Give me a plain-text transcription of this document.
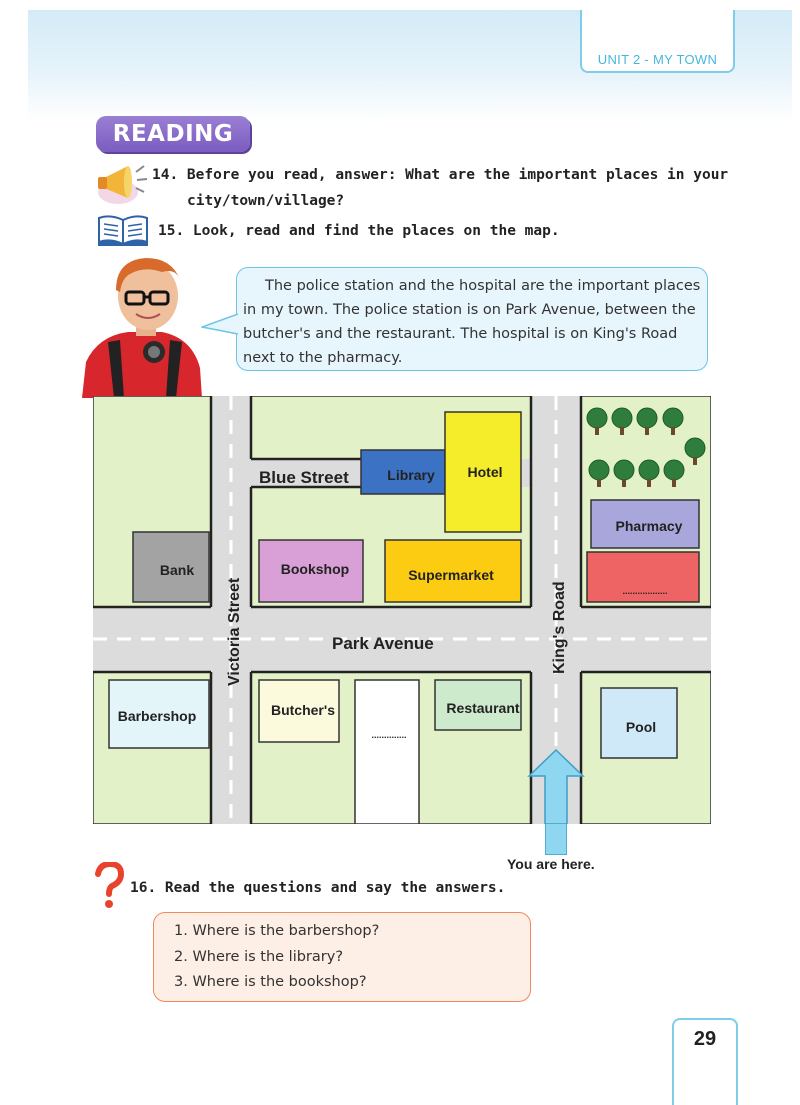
UNIT 2 - MY TOWN
READING
14. Before you read, answer: What are the important places in your
city/town/village?
15. Look, read and find the places on the map.
The police station and the hospital are the important places in my town. The police station is on Park Avenue, between the butcher's and the restaurant. The hospital is on King's Road next to the pharmacy.
Library Hotel
Pharmacy
..................
Bank	Bookshop	Supermarket
Barbershop	Butcher's
..............
Restaurant
Pool
Blue Street
Park Avenue
Victoria Street	King's Road
You are here.
16. Read the questions and say the answers.
1. Where is the barbershop?
2. Where is the library?
3. Where is the bookshop?
29
